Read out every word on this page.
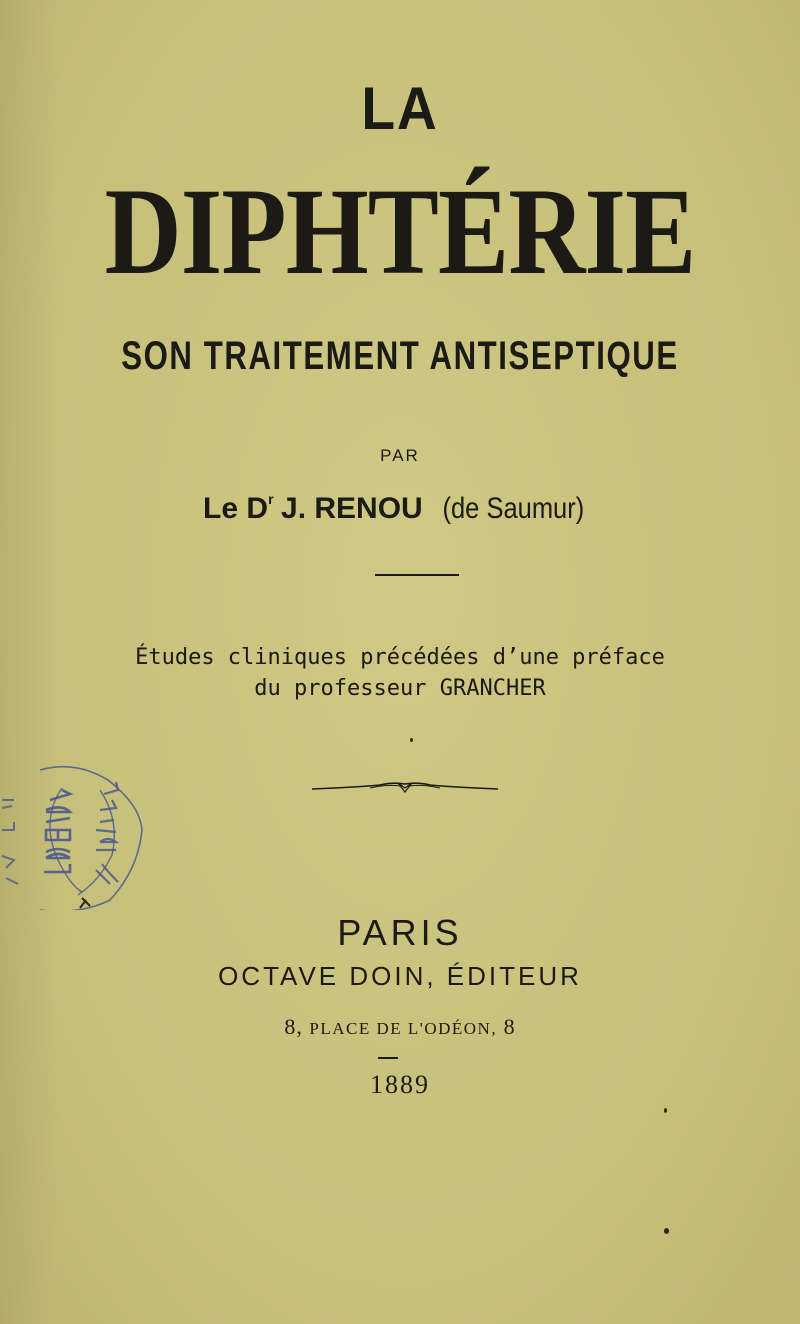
LA
DIPHTÉRIE
SON TRAITEMENT ANTISEPTIQUE
PAR
Le $D^r$ J. RENOU (de Saumur)
Études cliniques précédées d’une préface
du professeur GRANCHER
PARIS
OCTAVE DOIN, ÉDITEUR
8, PLACE DE L'ODÉON, 8
1889
